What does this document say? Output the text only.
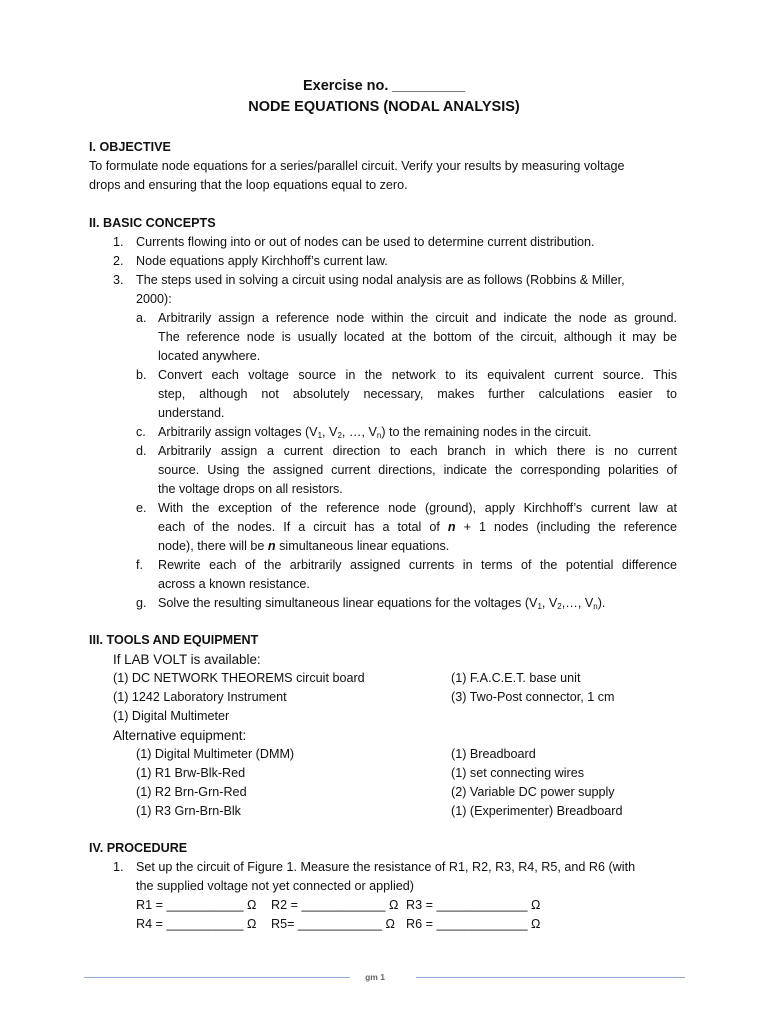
Exercise no. _________
NODE EQUATIONS (NODAL ANALYSIS)
I. OBJECTIVE
To formulate node equations for a series/parallel circuit. Verify your results by measuring voltage
drops and ensuring that the loop equations equal to zero.
II. BASIC CONCEPTS
1. Currents flowing into or out of nodes can be used to determine current distribution.
2. Node equations apply Kirchhoff’s current law.
3. The steps used in solving a circuit using nodal analysis are as follows (Robbins & Miller,
2000):
a. Arbitrarily assign a reference node within the circuit and indicate the node as ground.
The reference node is usually located at the bottom of the circuit, although it may be
located anywhere.
b. Convert each voltage source in the network to its equivalent current source. This
step, although not absolutely necessary, makes further calculations easier to
understand.
c. Arbitrarily assign voltages ($V_1$, $V_2$, …, $V_n$) to the remaining nodes in the circuit.
d. Arbitrarily assign a current direction to each branch in which there is no current
source. Using the assigned current directions, indicate the corresponding polarities of
the voltage drops on all resistors.
e. With the exception of the reference node (ground), apply Kirchhoff’s current law at
each of the nodes. If a circuit has a total of n + 1 nodes (including the reference
node), there will be n simultaneous linear equations.
f. Rewrite each of the arbitrarily assigned currents in terms of the potential difference
across a known resistance.
g. Solve the resulting simultaneous linear equations for the voltages ($V_1$, $V_2,\dots$, $V_n$).
III. TOOLS AND EQUIPMENT
If LAB VOLT is available:
(1) DC NETWORK THEOREMS circuit board
(1) 1242 Laboratory Instrument
(1) Digital Multimeter
(1) F.A.C.E.T. base unit
(3) Two-Post connector, 1 cm
Alternative equipment:
(1) Digital Multimeter (DMM)
(1) R1 Brw-Blk-Red
(1) R2 Brn-Grn-Red
(1) R3 Grn-Brn-Blk
(1) Breadboard
(1) set connecting wires
(2) Variable DC power supply
(1) (Experimenter) Breadboard
IV. PROCEDURE
1. Set up the circuit of Figure 1. Measure the resistance of R1, R2, R3, R4, R5, and R6 (with
the supplied voltage not yet connected or applied)
R1 = ___________ Ω R2 = ____________ Ω R3 = _____________ Ω
R4 = ___________ Ω R5= ____________ Ω R6 = _____________ Ω
gm 1
